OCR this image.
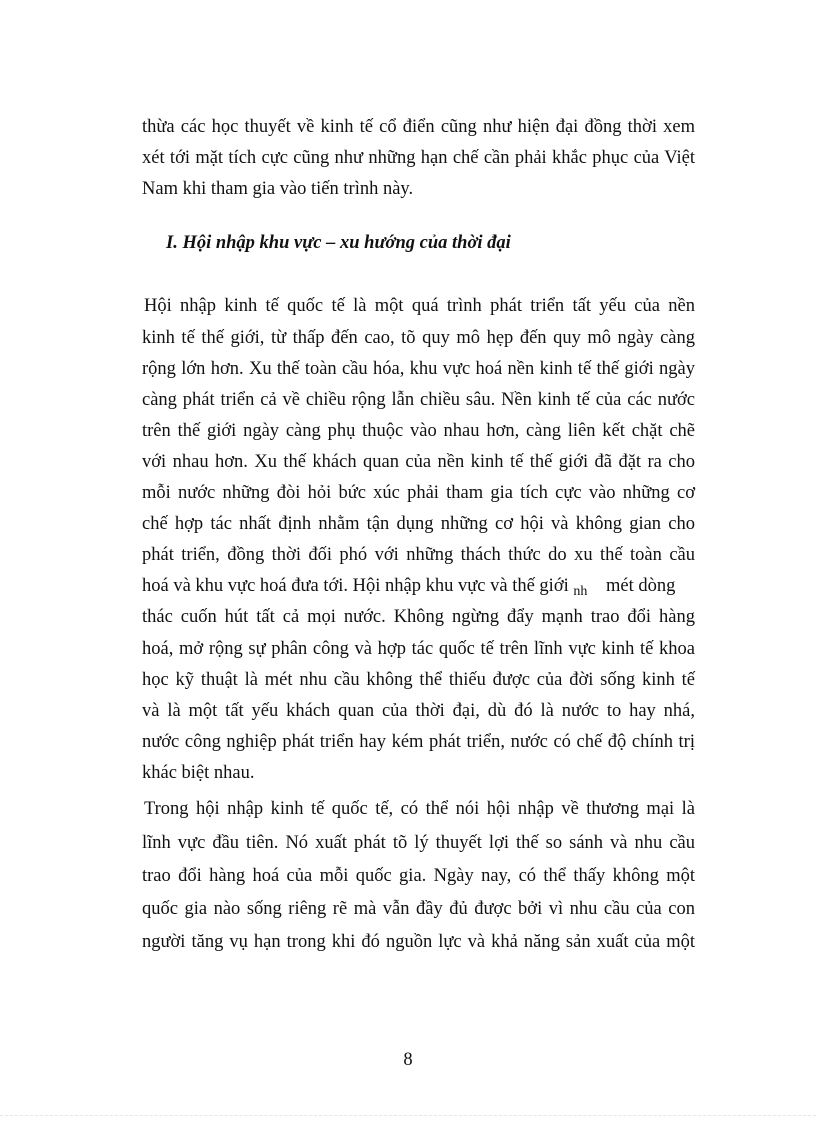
thừa các học thuyết về kinh tế cổ điển cũng như hiện đại đồng thời xem
xét tới mặt tích cực cũng như những hạn chế cần phải khắc phục của Việt
Nam khi tham gia vào tiến trình này.
I. Hội nhập khu vực – xu hướng của thời đại
Hội nhập kinh tế quốc tế là một quá trình phát triển tất yếu của nền
kinh tế thế giới, từ thấp đến cao, tõ quy mô hẹp đến quy mô ngày càng
rộng lớn hơn. Xu thế toàn cầu hóa, khu vực hoá nền kinh tế thế giới ngày
càng phát triển cả về chiều rộng lẫn chiều sâu. Nền kinh tế của các nước
trên thế giới ngày càng phụ thuộc vào nhau hơn, càng liên kết chặt chẽ
với nhau hơn. Xu thế khách quan của nền kinh tế thế giới đã đặt ra cho
mỗi nước những đòi hỏi bức xúc phải tham gia tích cực vào những cơ
chế hợp tác nhất định nhằm tận dụng những cơ hội và không gian cho
phát triển, đồng thời đối phó với những thách thức do xu thế toàn cầu
hoá và khu vực hoá đưa tới. Hội nhập khu vực và thế giới $_{nh}$ mét dòng
thác cuốn hút tất cả mọi nước. Không ngừng đẩy mạnh trao đổi hàng
hoá, mở rộng sự phân công và hợp tác quốc tế trên lĩnh vực kinh tế khoa
học kỹ thuật là mét nhu cầu không thể thiếu được của đời sống kinh tế
và là một tất yếu khách quan của thời đại, dù đó là nước to hay nhá,
nước công nghiệp phát triển hay kém phát triển, nước có chế độ chính trị
khác biệt nhau.
Trong hội nhập kinh tế quốc tế, có thể nói hội nhập về thương mại là
lĩnh vực đầu tiên. Nó xuất phát tõ lý thuyết lợi thế so sánh và nhu cầu
trao đổi hàng hoá của mỗi quốc gia. Ngày nay, có thể thấy không một
quốc gia nào sống riêng rẽ mà vẫn đầy đủ được bởi vì nhu cầu của con
người tăng vụ hạn trong khi đó nguồn lực và khả năng sản xuất của một
8
